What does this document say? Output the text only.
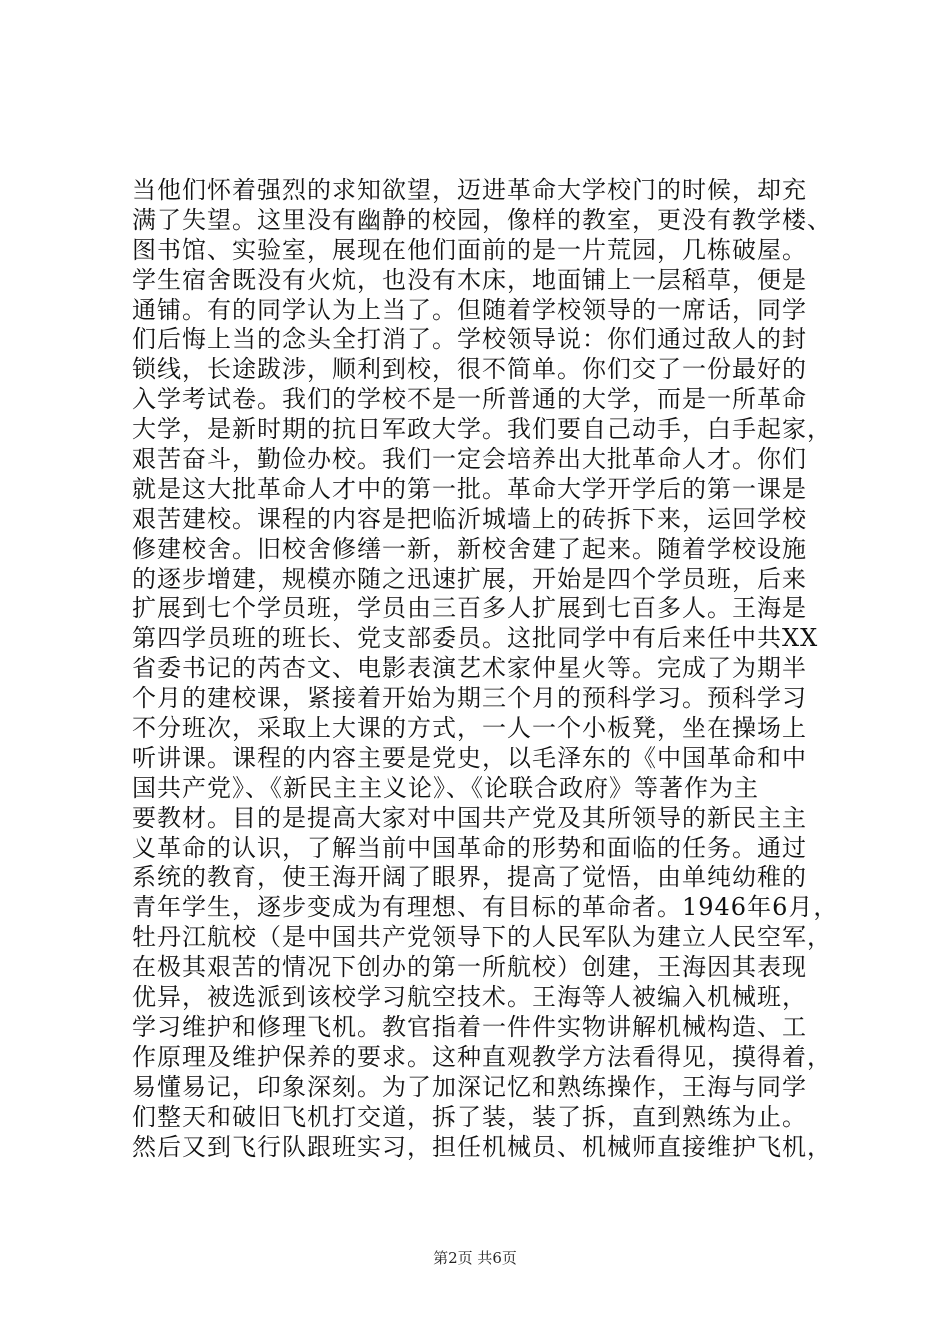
当他们怀着强烈的求知欲望，迈进革命大学校门的时候，却充
满了失望。这里没有幽静的校园，像样的教室，更没有教学楼、
图书馆、实验室，展现在他们面前的是一片荒园，几栋破屋。
学生宿舍既没有火炕，也没有木床，地面铺上一层稻草，便是
通铺。有的同学认为上当了。但随着学校领导的一席话，同学
们后悔上当的念头全打消了。学校领导说：你们通过敌人的封
锁线，长途跋涉，顺利到校，很不简单。你们交了一份最好的
入学考试卷。我们的学校不是一所普通的大学，而是一所革命
大学，是新时期的抗日军政大学。我们要自己动手，白手起家，
艰苦奋斗，勤俭办校。我们一定会培养出大批革命人才。你们
就是这大批革命人才中的第一批。革命大学开学后的第一课是
艰苦建校。课程的内容是把临沂城墙上的砖拆下来，运回学校
修建校舍。旧校舍修缮一新，新校舍建了起来。随着学校设施
的逐步增建，规模亦随之迅速扩展，开始是四个学员班，后来
扩展到七个学员班，学员由三百多人扩展到七百多人。王海是
第四学员班的班长、党支部委员。这批同学中有后来任中共XX
省委书记的芮杏文、电影表演艺术家仲星火等。完成了为期半
个月的建校课，紧接着开始为期三个月的预科学习。预科学习
不分班次，采取上大课的方式，一人一个小板凳，坐在操场上
听讲课。课程的内容主要是党史，以毛泽东的《中国革命和中
国共产党》、《新民主主义论》、《论联合政府》等著作为主
要教材。目的是提高大家对中国共产党及其所领导的新民主主
义革命的认识，了解当前中国革命的形势和面临的任务。通过
系统的教育，使王海开阔了眼界，提高了觉悟，由单纯幼稚的
青年学生，逐步变成为有理想、有目标的革命者。1946年6月，
牡丹江航校（是中国共产党领导下的人民军队为建立人民空军，
在极其艰苦的情况下创办的第一所航校）创建，王海因其表现
优异，被选派到该校学习航空技术。王海等人被编入机械班，
学习维护和修理飞机。教官指着一件件实物讲解机械构造、工
作原理及维护保养的要求。这种直观教学方法看得见，摸得着，
易懂易记，印象深刻。为了加深记忆和熟练操作，王海与同学
们整天和破旧飞机打交道，拆了装，装了拆，直到熟练为止。
然后又到飞行队跟班实习，担任机械员、机械师直接维护飞机，
第2页 共6页
